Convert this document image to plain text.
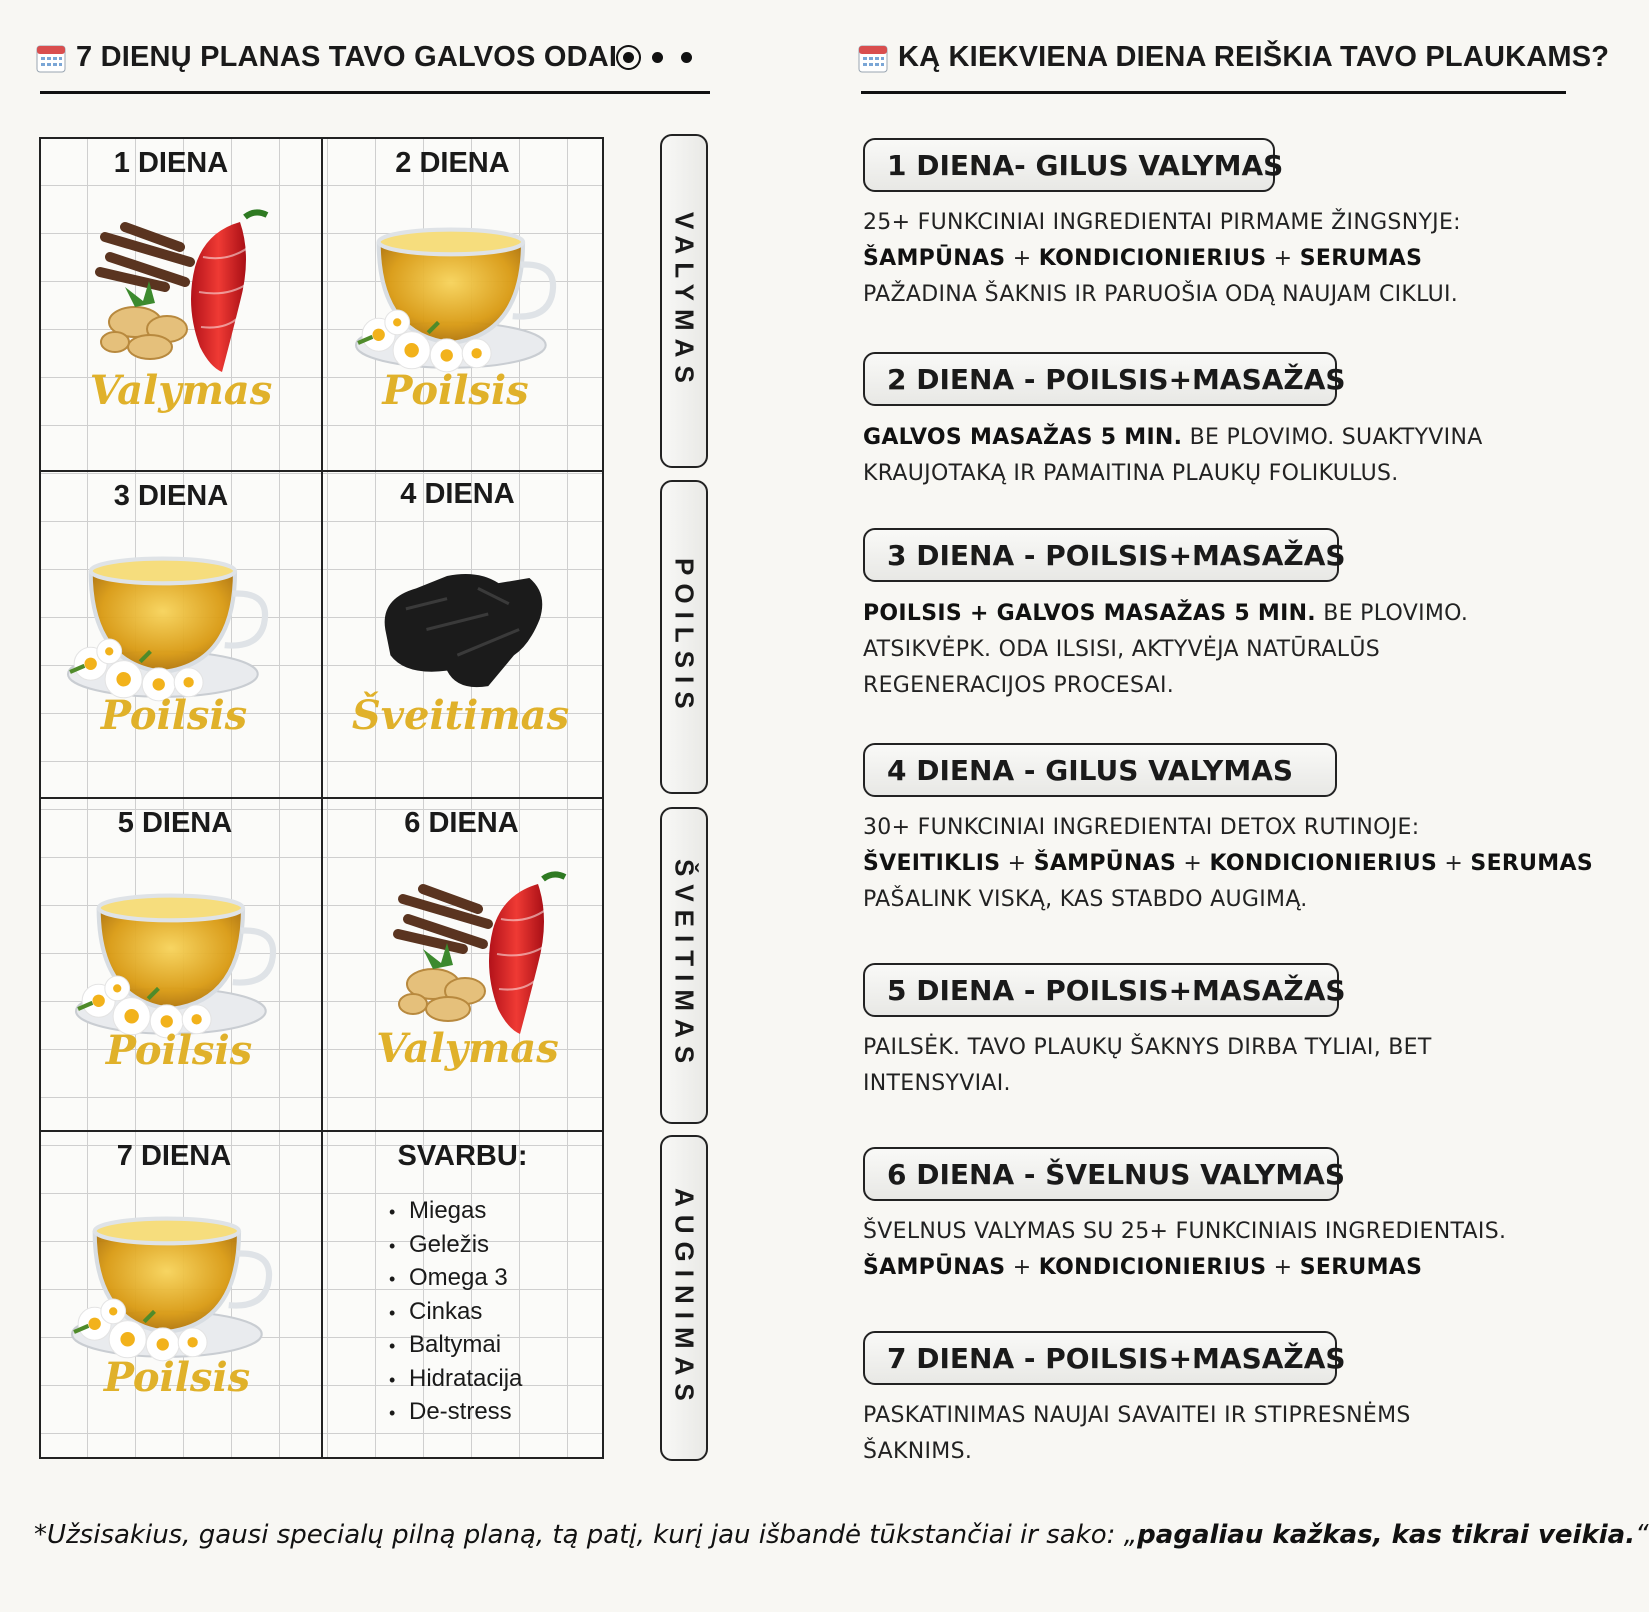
7 DIENŲ PLANAS TAVO GALVOS ODAI	KĄ KIEKVIENA DIENA REIŠKIA TAVO PLAUKAMS?
1 DIENA
Valymas
2 DIENA
Poilsis
3 DIENA
Poilsis
4 DIENA
Šveitimas
5 DIENA
Poilsis
6 DIENA
Valymas
7 DIENA
Poilsis
SVARBU:
• Miegas
• Geležis
• Omega 3
• Cinkas
• Baltymai
• Hidratacija
• De-stress
VALYMAS
POILSIS
ŠVEITIMAS
AUGINIMAS
1 DIENA- GILUS VALYMAS

25+ FUNKCINIAI INGREDIENTAI PIRMAME ŽINGSNYJE:

ŠAMPŪNAS + KONDICIONIERIUS + SERUMAS

PAŽADINA ŠAKNIS IR PARUOŠIA ODĄ NAUJAM CIKLUI.

2 DIENA - POILSIS+MASAŽAS

GALVOS MASAŽAS 5 MIN. BE PLOVIMO. SUAKTYVINA KRAUJOTAKĄ IR PAMAITINA PLAUKŲ FOLIKULUS.

3 DIENA - POILSIS+MASAŽAS

POILSIS + GALVOS MASAŽAS 5 MIN. BE PLOVIMO. ATSIKVĖPK. ODA ILSISI, AKTYVĖJA NATŪRALŪS REGENERACIJOS PROCESAI.

4 DIENA - GILUS VALYMAS

30+ FUNKCINIAI INGREDIENTAI DETOX RUTINOJE:

ŠVEITIKLIS + ŠAMPŪNAS + KONDICIONIERIUS + SERUMAS

PAŠALINK VISKĄ, KAS STABDO AUGIMĄ.

5 DIENA - POILSIS+MASAŽAS

PAILSĖK. TAVO PLAUKŲ ŠAKNYS DIRBA TYLIAI, BET INTENSYVIAI.

6 DIENA - ŠVELNUS VALYMAS

ŠVELNUS VALYMAS SU 25+ FUNKCINIAIS INGREDIENTAIS.

ŠAMPŪNAS + KONDICIONIERIUS + SERUMAS

7 DIENA - POILSIS+MASAŽAS

PASKATINIMAS NAUJAI SAVAITEI IR STIPRESNĖMS ŠAKNIMS.

*Užsisakius, gausi specialų pilną planą, tą patį, kurį jau išbandė tūkstančiai ir sako: „pagaliau kažkas, kas tikrai veikia.“
